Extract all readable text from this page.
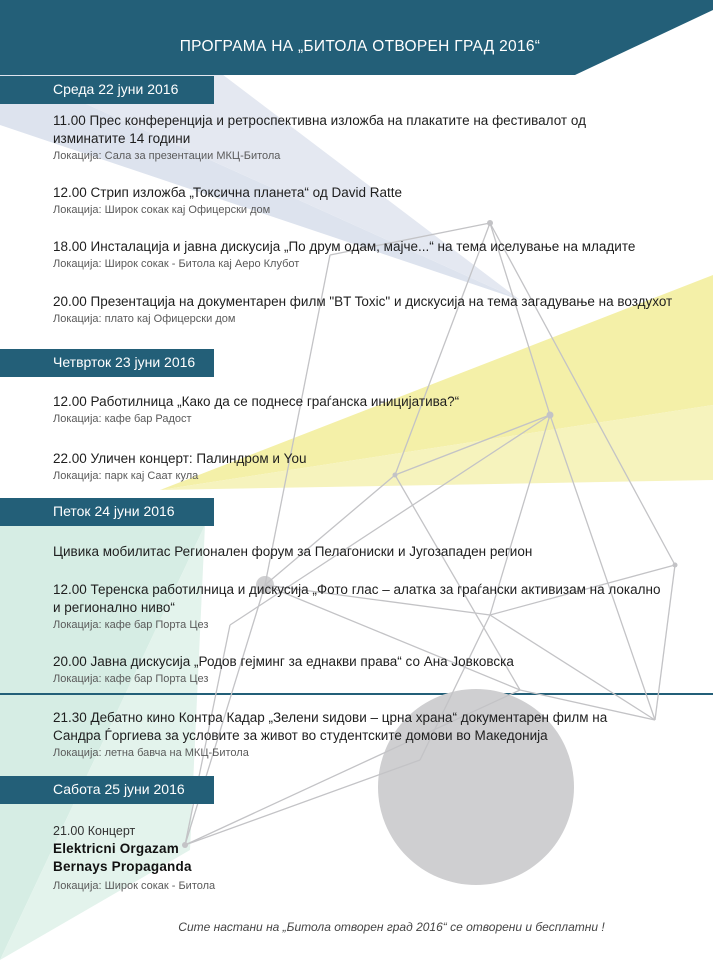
ПРОГРАМА НА „БИТОЛА ОТВОРЕН ГРАД 2016“
Среда 22 јуни 2016
11.00 Прес конференција и ретроспективна изложба на плакатите на фестивалот од изминатите 14 години
Локација: Сала за презентации МКЦ-Битола
12.00 Стрип изложба „Токсична планета“ од David Ratte
Локација: Широк сокак кај Офицерски дом
18.00 Инсталација и јавна дискусија „По друм одам, мајче...“ на тема иселување на младите
Локација: Широк сокак - Битола кај Аеро Клубот
20.00 Презентација на документарен филм "BT Toxic" и дискусија на тема загадување на воздухот
Локација: плато кај Офицерски дом
Четврток 23 јуни 2016
12.00 Работилница „Како да се поднесе граѓанска иницијатива?“
Локација: кафе бар Радост
22.00 Уличен концерт: Палиндром и You
Локација: парк кај Саат кула
Петок 24 јуни 2016
Цивика мобилитас Регионален форум за Пелагониски и Југозападен регион
12.00 Теренска работилница и дискусија „Фото глас – алатка за граѓански активизам на локално и регионално ниво“
Локација: кафе бар Порта Цез
20.00 Јавна дискусија „Родов гејминг за еднакви права“ со Ана Јовковска
Локација: кафе бар Порта Цез
21.30 Дебатно кино Контра Кадар „Зелени ѕидови – црна храна“ документарен филм на Сандра Ѓоргиева за условите за живот во студентските домови во Македонија
Локација: летна бавча на МКЦ-Битола
Сабота 25 јуни 2016
21.00 Концерт
Elektricni Orgazam
Bernays Propaganda
Локација: Широк сокак - Битола
Сите настани на „Битола отворен град 2016“ се отворени и бесплатни !
